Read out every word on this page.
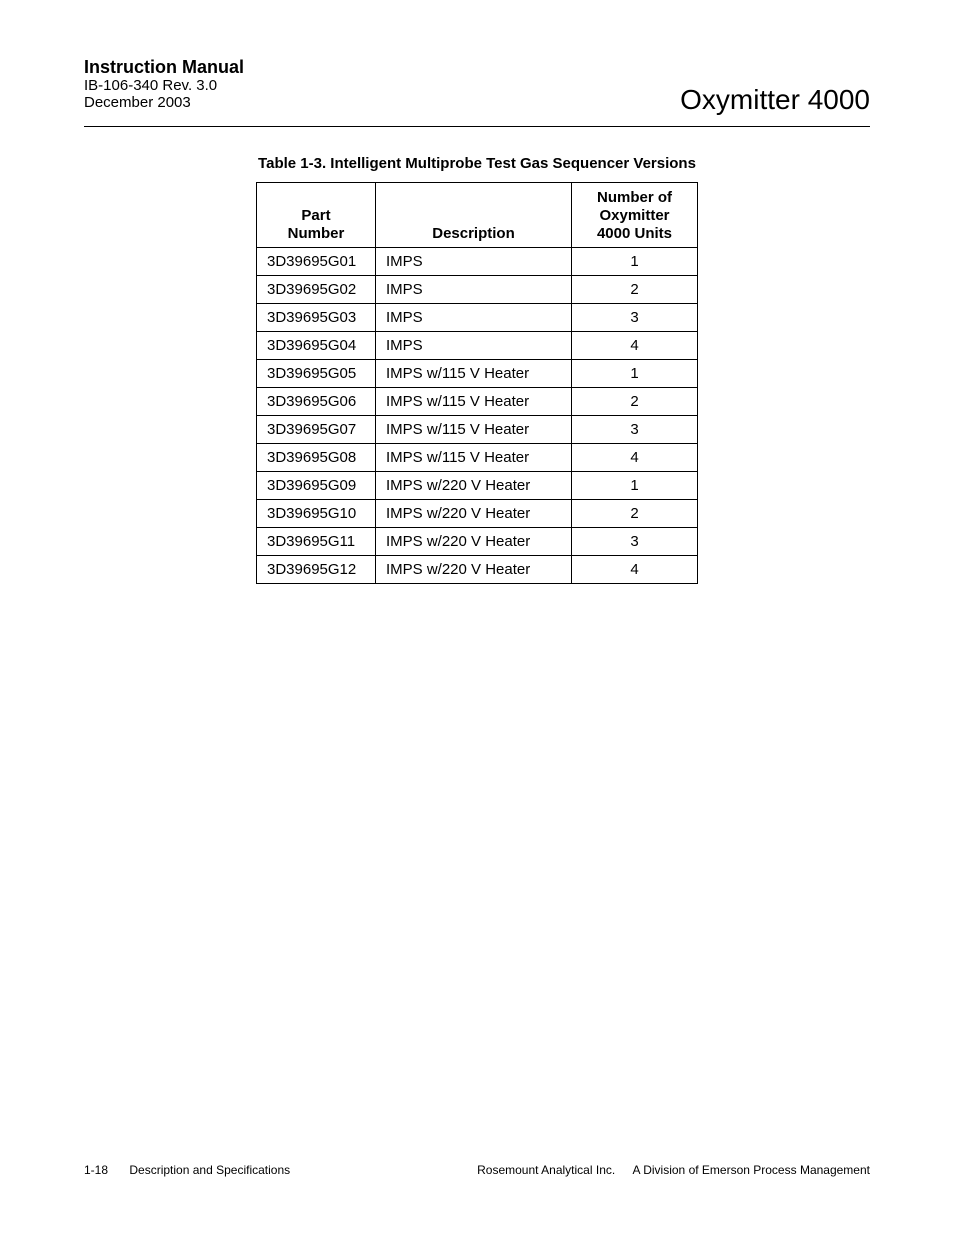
Instruction Manual
IB-106-340 Rev. 3.0
December 2003	Oxymitter 4000
Table 1-3. Intelligent Multiprobe Test Gas Sequencer Versions
Part
Number	Description	Number of
Oxymitter
4000 Units
3D39695G01	IMPS	1
3D39695G02	IMPS	2
3D39695G03	IMPS	3
3D39695G04	IMPS	4
3D39695G05	IMPS w/115 V Heater	1
3D39695G06	IMPS w/115 V Heater	2
3D39695G07	IMPS w/115 V Heater	3
3D39695G08	IMPS w/115 V Heater	4
3D39695G09	IMPS w/220 V Heater	1
3D39695G10	IMPS w/220 V Heater	2
3D39695G11	IMPS w/220 V Heater	3
3D39695G12	IMPS w/220 V Heater	4
1-18 Description and Specifications	Rosemount Analytical Inc. A Division of Emerson Process Management
